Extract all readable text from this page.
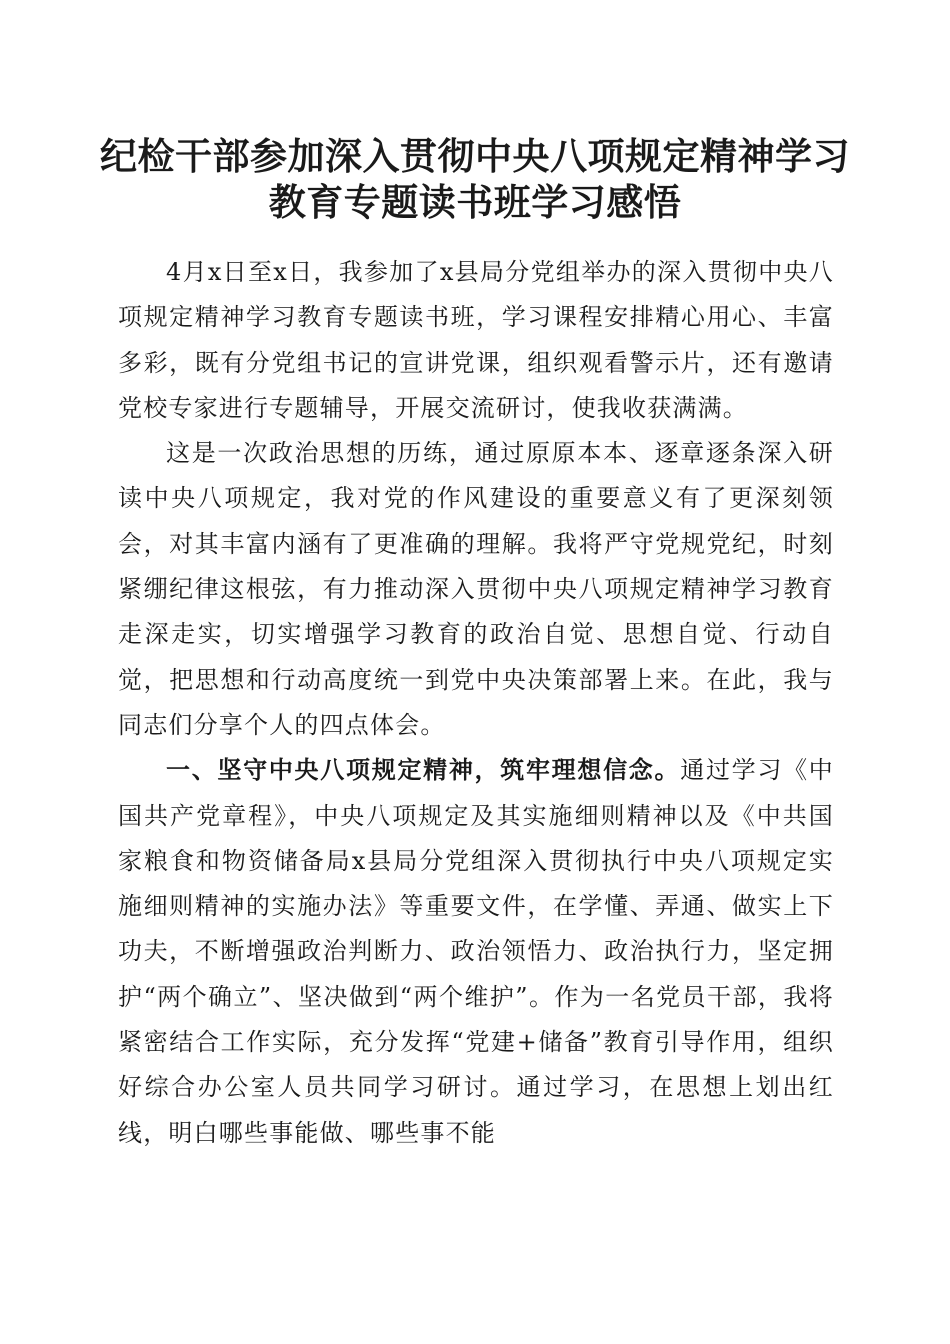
纪检干部参加深入贯彻中央八项规定精神学习
教育专题读书班学习感悟

4月x日至x日，我参加了x县局分党组举办的深入贯彻中央八项规定精神学习教育专题读书班，学习课程安排精心用心、丰富多彩，既有分党组书记的宣讲党课，组织观看警示片，还有邀请党校专家进行专题辅导，开展交流研讨，使我收获满满。

这是一次政治思想的历练，通过原原本本、逐章逐条深入研读中央八项规定，我对党的作风建设的重要意义有了更深刻领会，对其丰富内涵有了更准确的理解。我将严守党规党纪，时刻紧绷纪律这根弦，有力推动深入贯彻中央八项规定精神学习教育走深走实，切实增强学习教育的政治自觉、思想自觉、行动自觉，把思想和行动高度统一到党中央决策部署上来。在此，我与同志们分享个人的四点体会。

一、坚守中央八项规定精神，筑牢理想信念。通过学习《中国共产党章程》，中央八项规定及其实施细则精神以及《中共国家粮食和物资储备局x县局分党组深入贯彻执行中央八项规定实施细则精神的实施办法》等重要文件，在学懂、弄通、做实上下功夫，不断增强政治判断力、政治领悟力、政治执行力，坚定拥护“两个确立”、坚决做到“两个维护”。作为一名党员干部，我将紧密结合工作实际，充分发挥“党建+储备”教育引导作用，组织好综合办公室人员共同学习研讨。通过学习，在思想上划出红线，明白哪些事能做、哪些事不能
